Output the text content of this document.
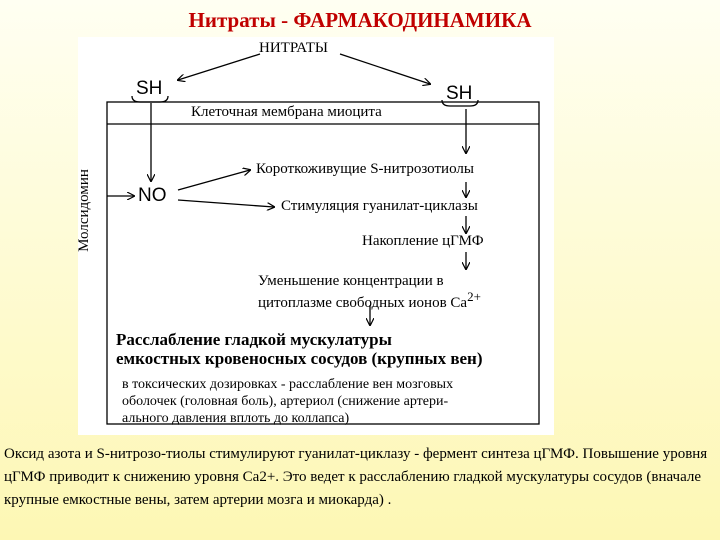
Нитраты - ФАРМАКОДИНАМИКА
НИТРАТЫ
SH	SH
Клеточная мембрана миоцита
Молсидомин NO
Короткоживущие S-нитрозотиолы
Стимуляция гуанилат-циклазы
Накопление цГМФ
Уменьшение концентрации в
цитоплазме свободных ионов $Ca^{2+}$
Расслабление гладкой мускулатуры
емкостных кровеносных сосудов (крупных вен)
в токсических дозировках - расслабление вен мозговых
оболочек (головная боль), артериол (снижение артери-
ального давления вплоть до коллапса)
Оксид азота и S-нитрозо-тиолы стимулируют гуанилат-циклазу - фермент синтеза цГМФ. Повышение уровня цГМФ приводит к снижению уровня Ca2+. Это ведет к расслаблению гладкой мускулатуры сосудов (вначале крупные емкостные вены, затем артерии мозга и миокарда) .
